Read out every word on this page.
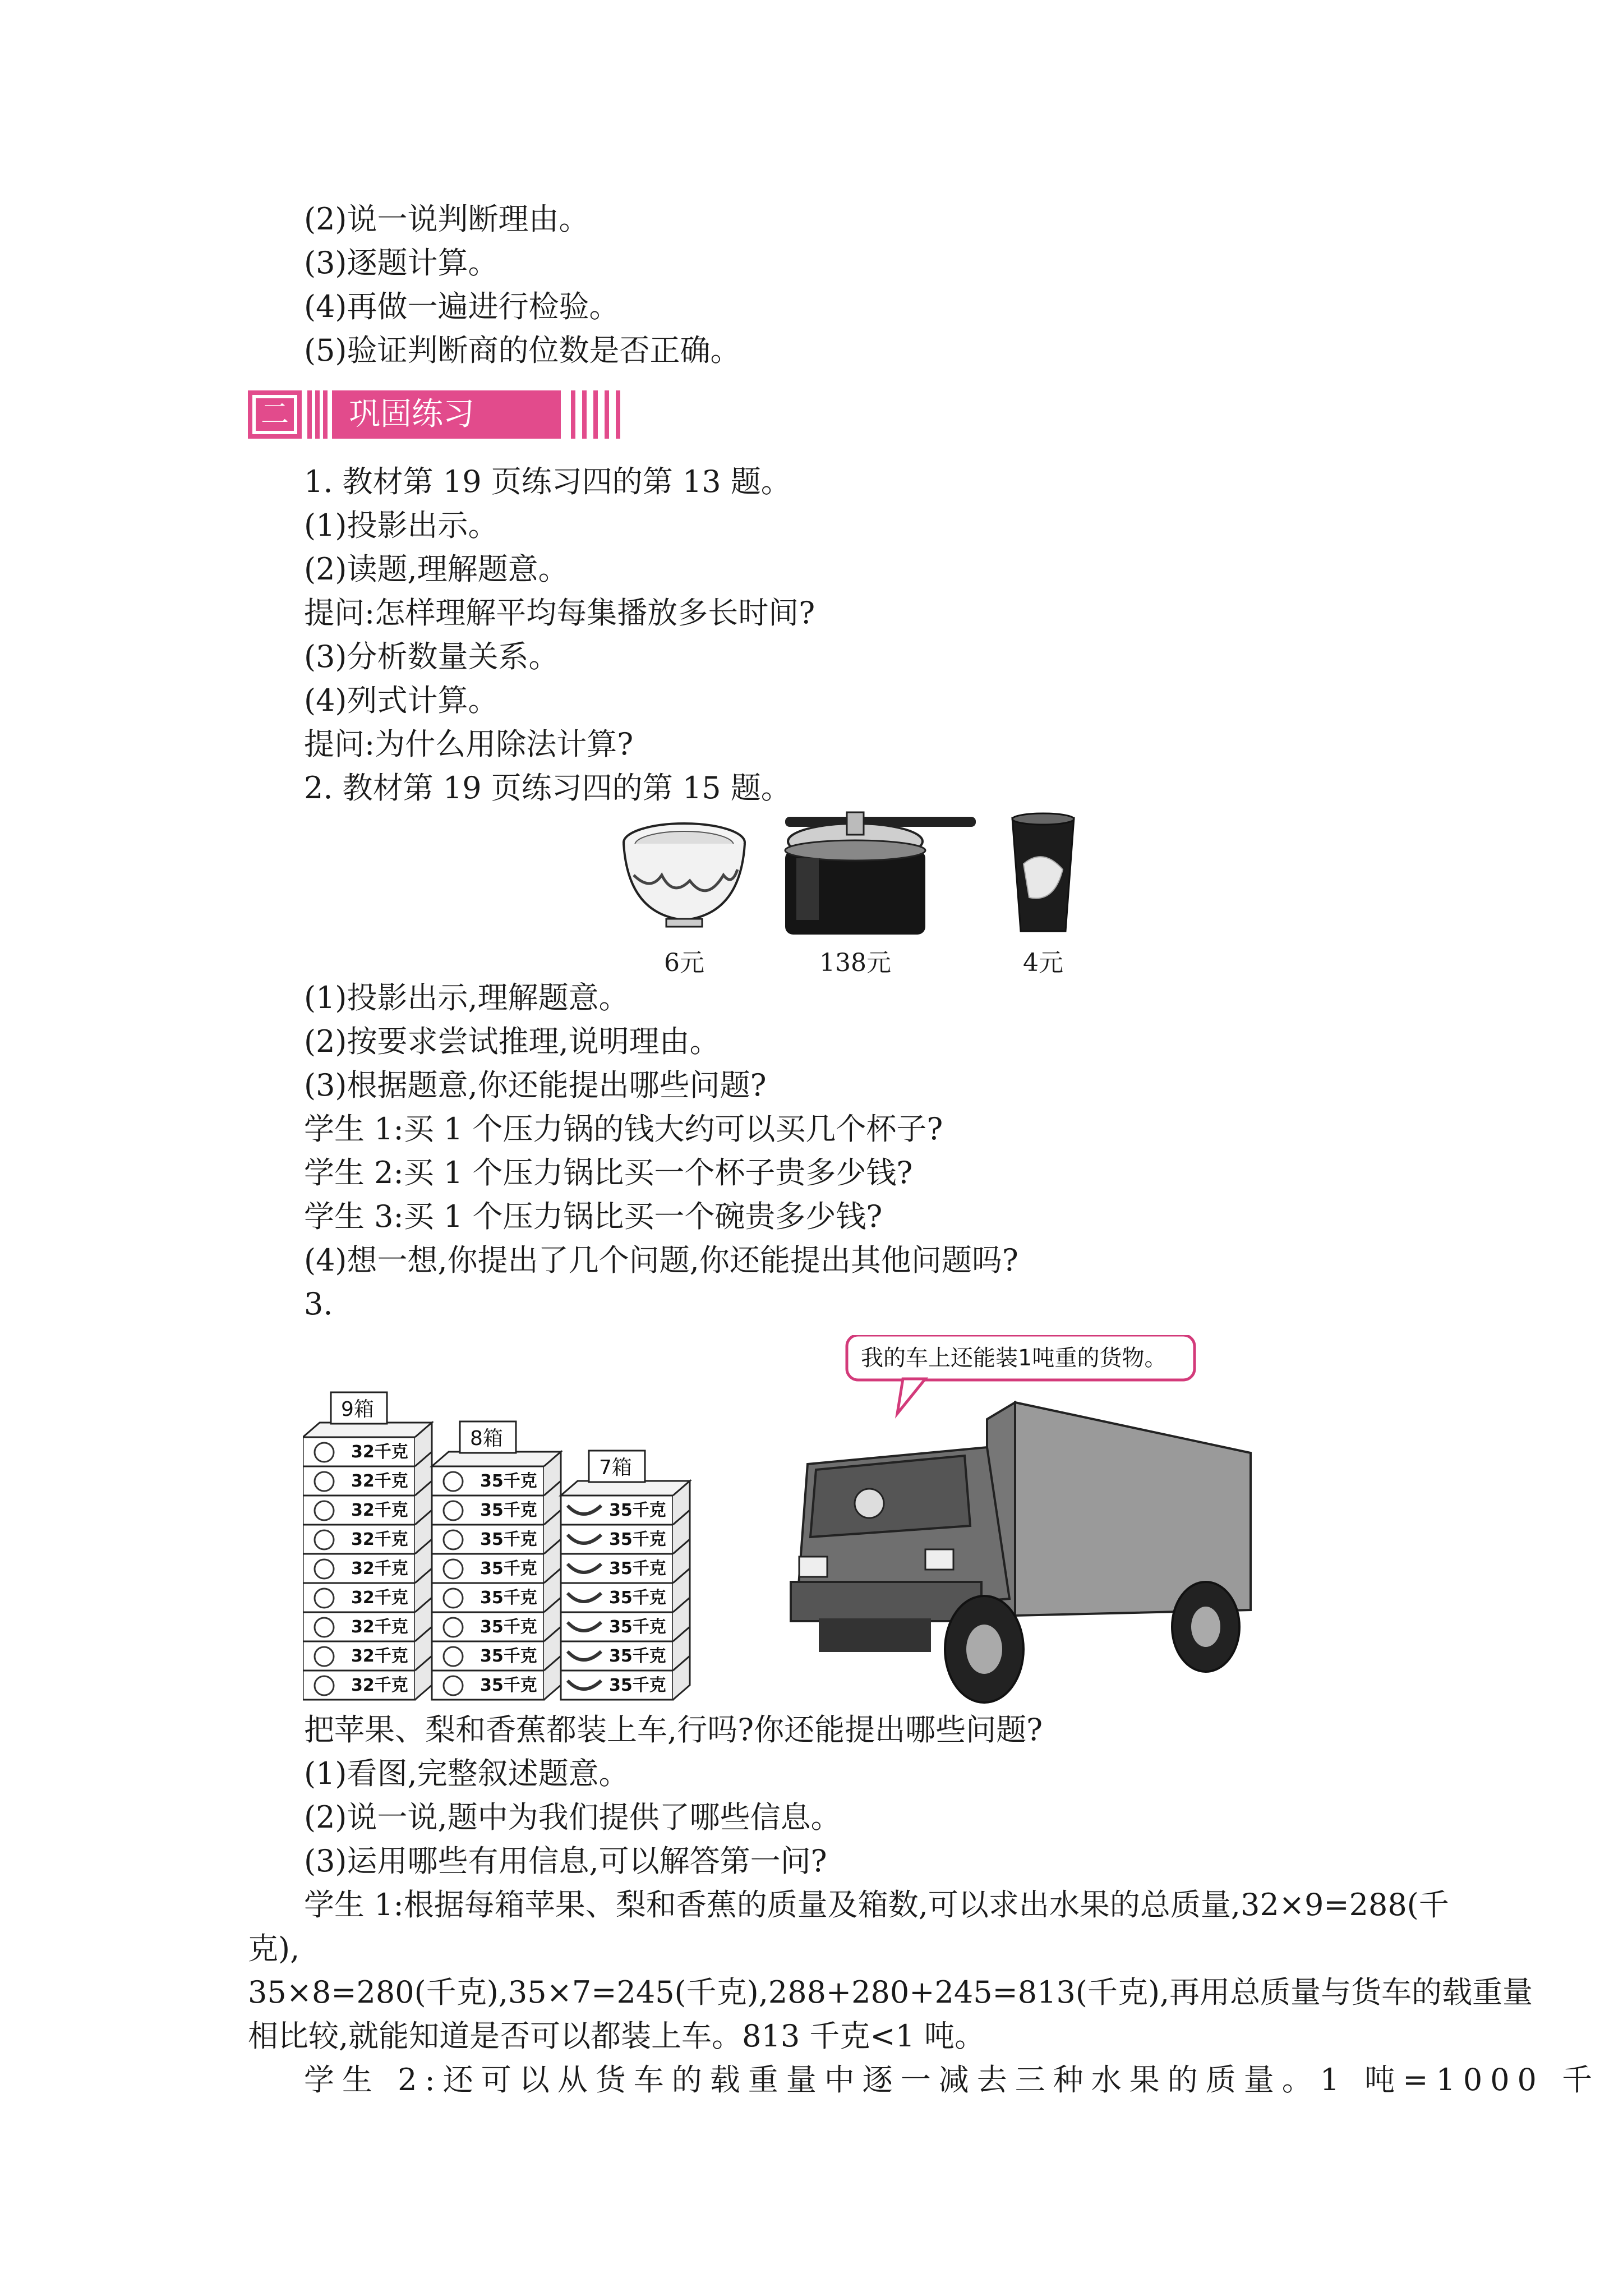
(2)说一说判断理由。
(3)逐题计算。
(4)再做一遍进行检验。
(5)验证判断商的位数是否正确。
二	巩固练习
1. 教材第 19 页练习四的第 13 题。
(1)投影出示。
(2)读题,理解题意。
提问:怎样理解平均每集播放多长时间?
(3)分析数量关系。
(4)列式计算。
提问:为什么用除法计算?
2. 教材第 19 页练习四的第 15 题。
6元	138元	4元
(1)投影出示,理解题意。
(2)按要求尝试推理,说明理由。
(3)根据题意,你还能提出哪些问题?
学生 1:买 1 个压力锅的钱大约可以买几个杯子?
学生 2:买 1 个压力锅比买一个杯子贵多少钱?
学生 3:买 1 个压力锅比买一个碗贵多少钱?
(4)想一想,你提出了几个问题,你还能提出其他问题吗?
3.
32千克
32千克
32千克
32千克
32千克
32千克
32千克
32千克
32千克
9箱
35千克
35千克
35千克
35千克
35千克
35千克
35千克
35千克
8箱
35千克
35千克
35千克
35千克
35千克
35千克
35千克
7箱
我的车上还能装1吨重的货物。
把苹果、梨和香蕉都装上车,行吗?你还能提出哪些问题?
(1)看图,完整叙述题意。
(2)说一说,题中为我们提供了哪些信息。
(3)运用哪些有用信息,可以解答第一问?
学生 1:根据每箱苹果、梨和香蕉的质量及箱数,可以求出水果的总质量,32×9=288(千
克),
35×8=280(千克),35×7=245(千克),288+280+245=813(千克),再用总质量与货车的载重量
相比较,就能知道是否可以都装上车。813 千克<1 吨。
学生 2:还可以从货车的载重量中逐一减去三种水果的质量。1 吨=1000 千
